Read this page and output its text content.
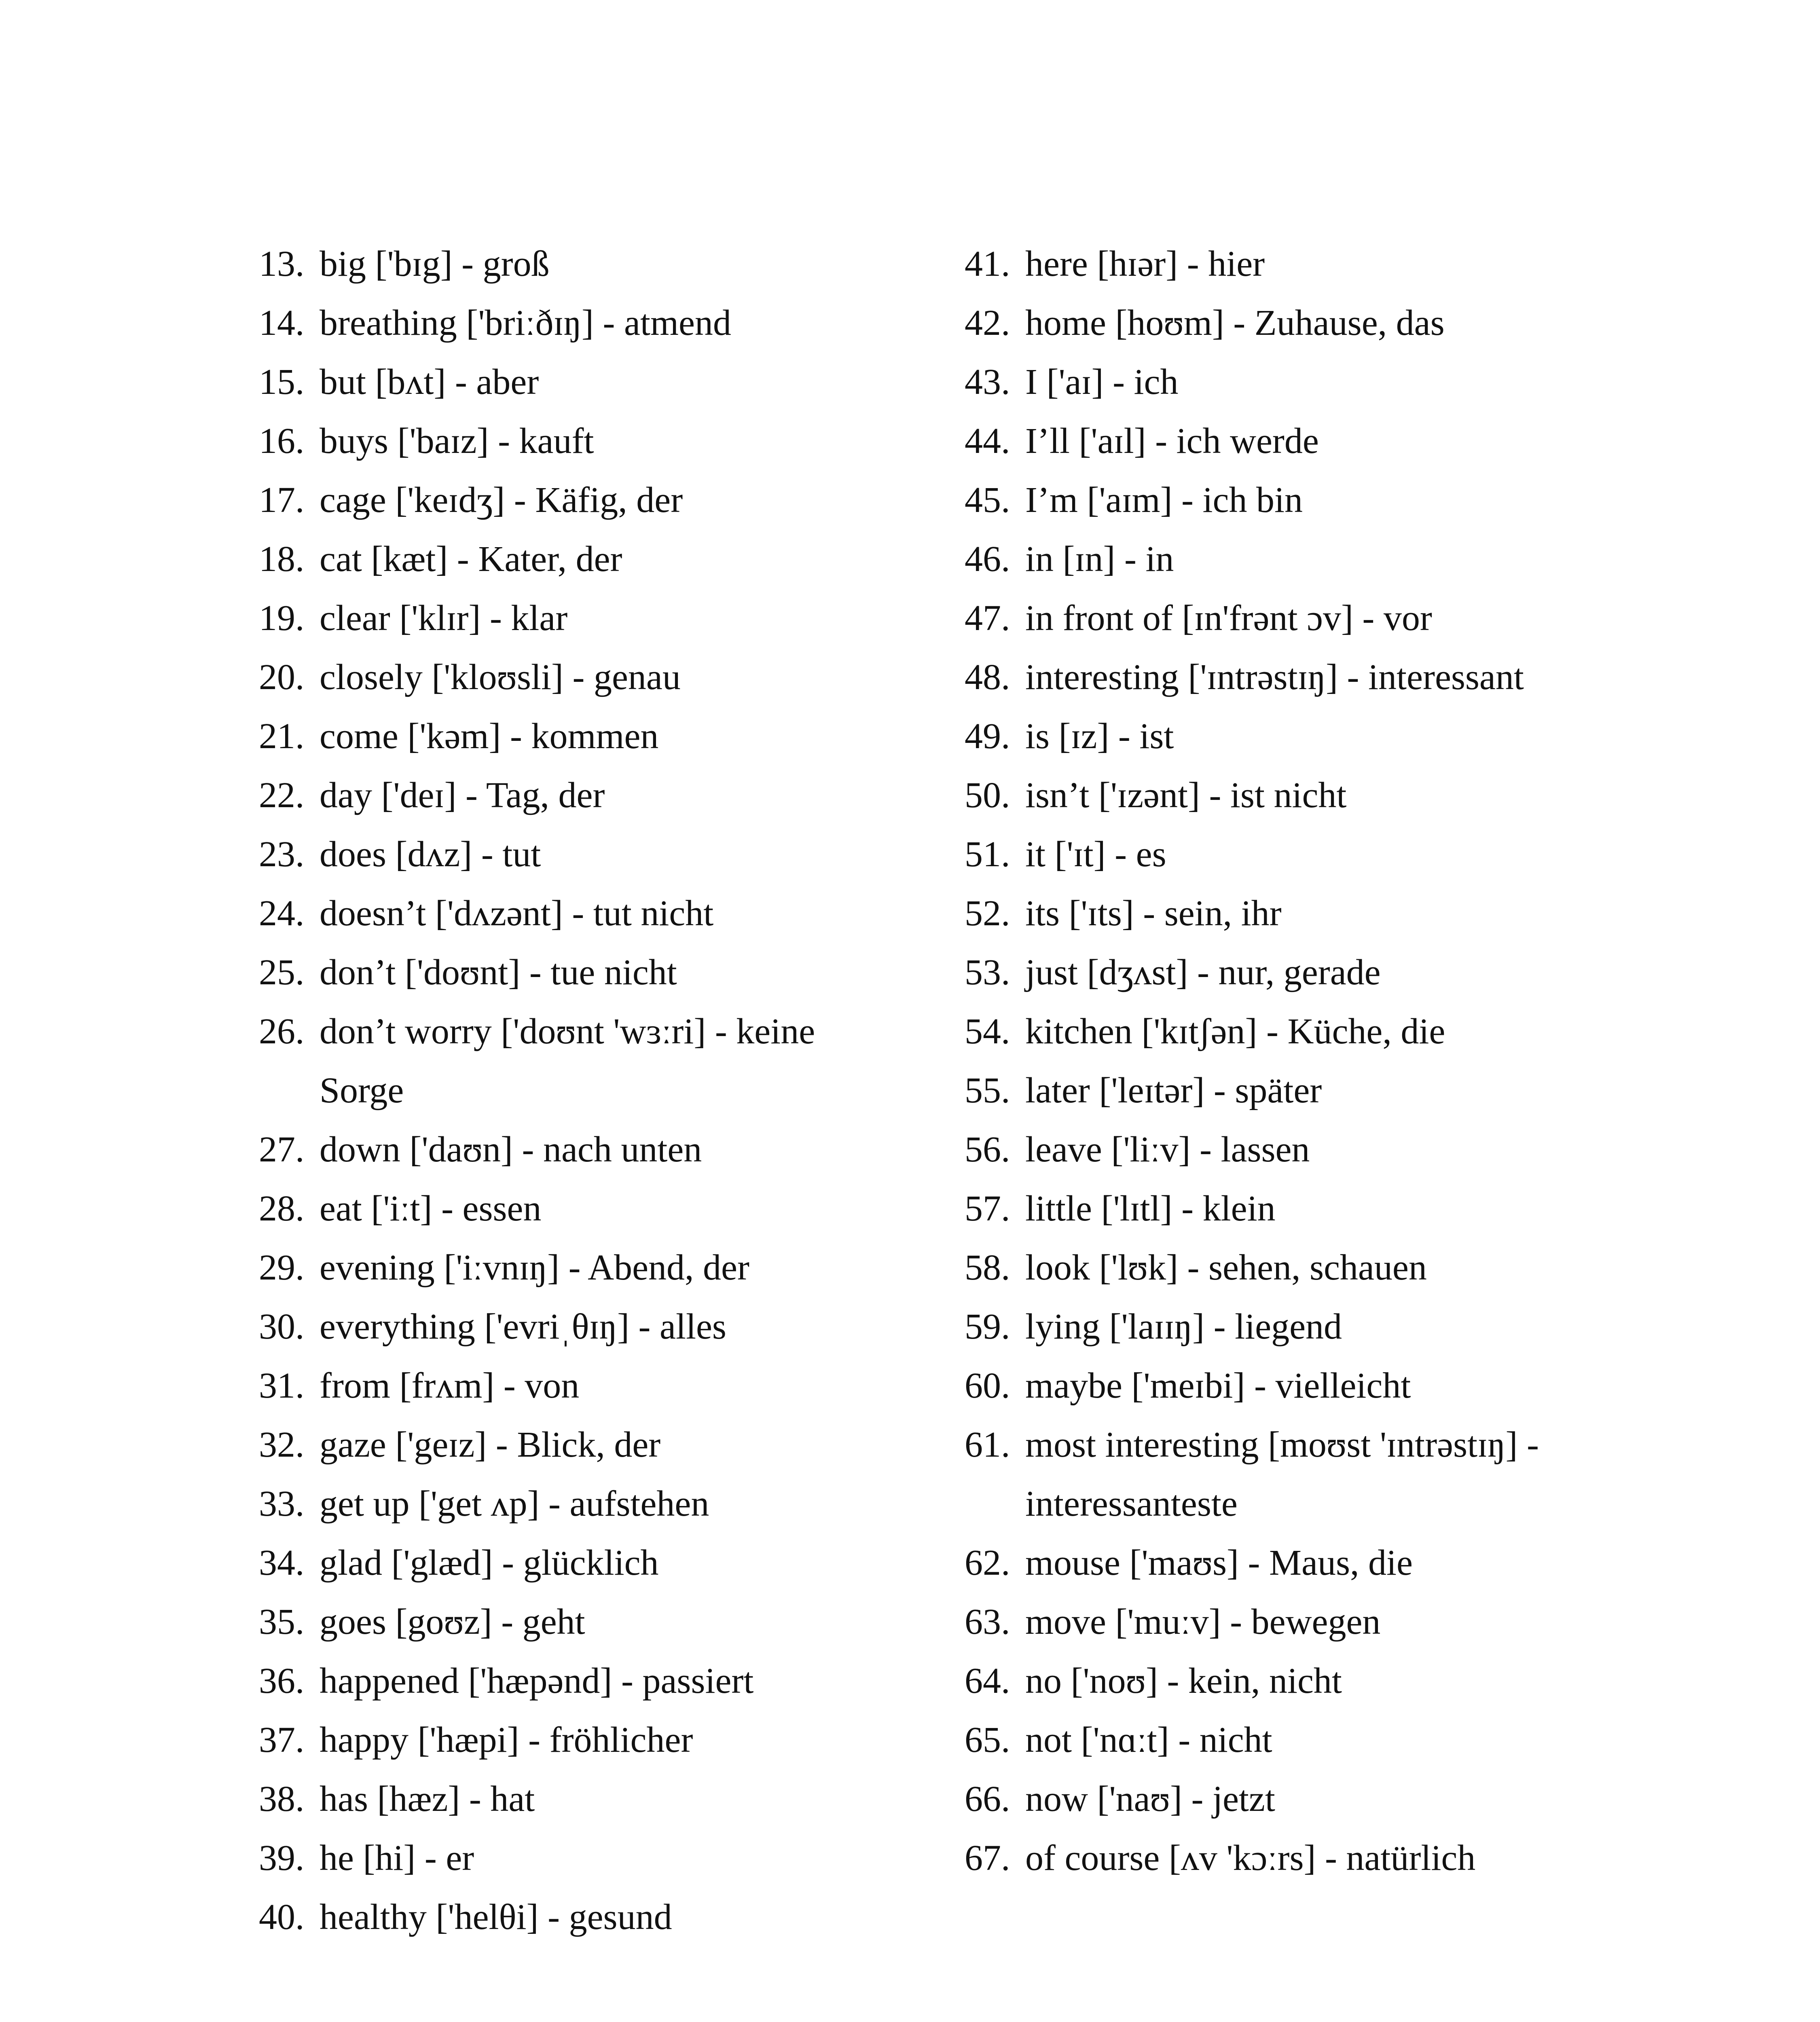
13. big ['bɪg] - groß
14. breathing ['briːðɪŋ] - atmend
15. but [bʌt] - aber
16. buys ['baɪz] - kauft
17. cage ['keɪdʒ] - Käfig, der
18. cat [kæt] - Kater, der
19. clear ['klɪr] - klar
20. closely ['kloʊsli] - genau
21. come ['kəm] - kommen
22. day ['deɪ] - Tag, der
23. does [dʌz] - tut
24. doesn’t ['dʌzənt] - tut nicht
25. don’t ['doʊnt] - tue nicht
26. don’t worry ['doʊnt 'wɜːri] - keine Sorge
27. down ['daʊn] - nach unten
28. eat ['iːt] - essen
29. evening ['iːvnɪŋ] - Abend, der
30. everything ['evriˌθɪŋ] - alles
31. from [frʌm] - von
32. gaze ['geɪz] - Blick, der
33. get up ['get ʌp] - aufstehen
34. glad ['glæd] - glücklich
35. goes [goʊz] - geht
36. happened ['hæpənd] - passiert
37. happy ['hæpi] - fröhlicher
38. has [hæz] - hat
39. he [hi] - er
40. healthy ['helθi] - gesund
41. here [hɪər] - hier
42. home [hoʊm] - Zuhause, das
43. I ['aɪ] - ich
44. I’ll ['aɪl] - ich werde
45. I’m ['aɪm] - ich bin
46. in [ɪn] - in
47. in front of [ɪn'frənt ɔv] - vor
48. interesting ['ɪntrəstɪŋ] - interessant
49. is [ɪz] - ist
50. isn’t ['ɪzənt] - ist nicht
51. it ['ɪt] - es
52. its ['ɪts] - sein, ihr
53. just [dʒʌst] - nur, gerade
54. kitchen ['kɪtʃən] - Küche, die
55. later ['leɪtər] - später
56. leave ['liːv] - lassen
57. little ['lɪtl] - klein
58. look ['lʊk] - sehen, schauen
59. lying ['laɪɪŋ] - liegend
60. maybe ['meɪbi] - vielleicht
61. most interesting [moʊst 'ɪntrəstɪŋ] - interessanteste
62. mouse ['maʊs] - Maus, die
63. move ['muːv] - bewegen
64. no ['noʊ] - kein, nicht
65. not ['nɑːt] - nicht
66. now ['naʊ] - jetzt
67. of course [ʌv 'kɔːrs] - natürlich
